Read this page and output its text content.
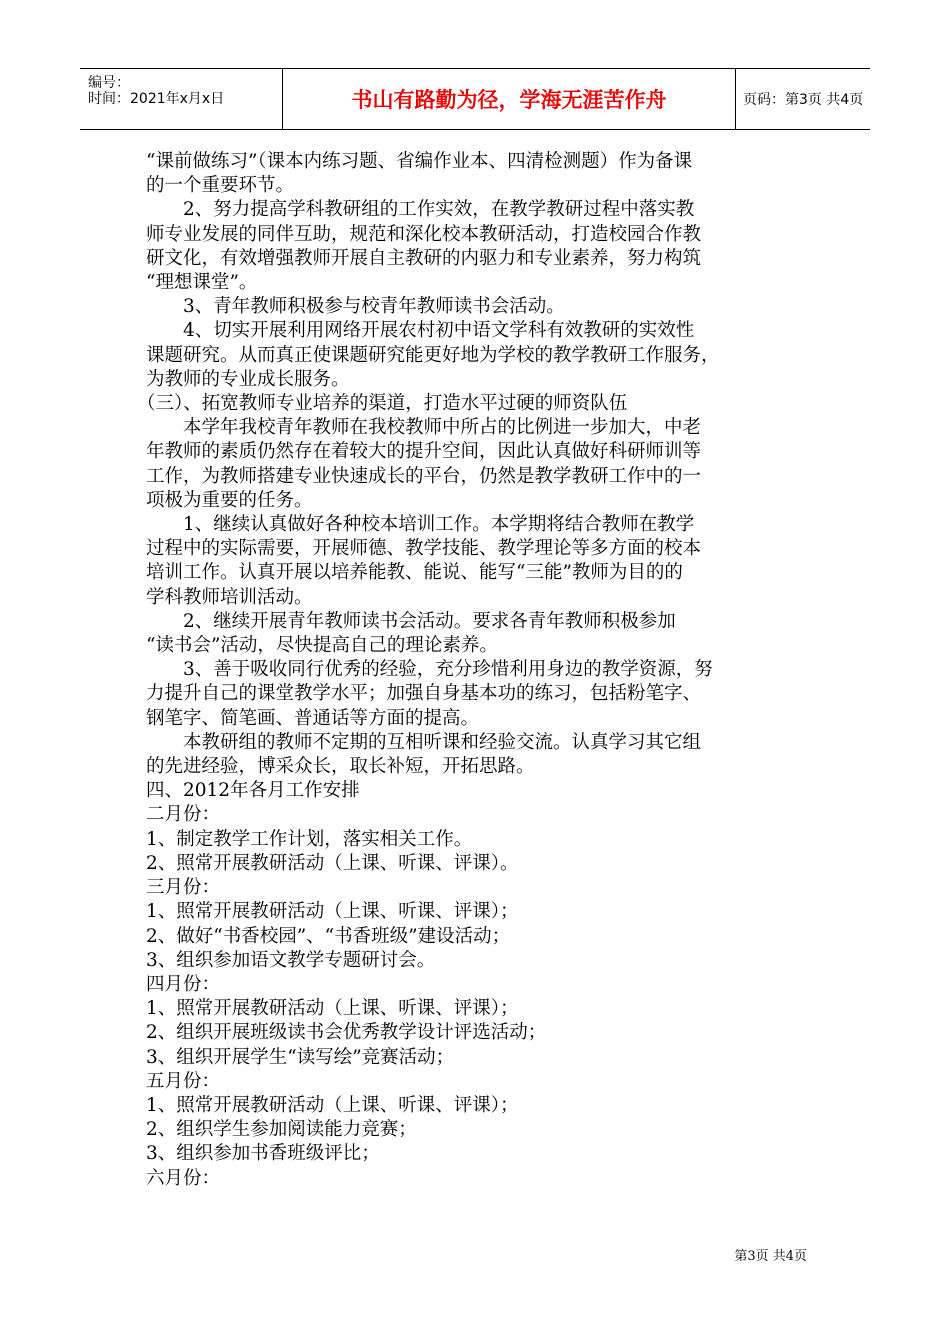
编号：
时间：2021年x月x日	书山有路勤为径，学海无涯苦作舟	页码：第3页 共4页

“课前做练习”（课本内练习题、省编作业本、四清检测题）作为备课

的一个重要环节。

2、努力提高学科教研组的工作实效，在教学教研过程中落实教

师专业发展的同伴互助，规范和深化校本教研活动，打造校园合作教

研文化，有效增强教师开展自主教研的内驱力和专业素养，努力构筑

“理想课堂”。

3、青年教师积极参与校青年教师读书会活动。

4、切实开展利用网络开展农村初中语文学科有效教研的实效性

课题研究。从而真正使课题研究能更好地为学校的教学教研工作服务，

为教师的专业成长服务。

（三）、拓宽教师专业培养的渠道，打造水平过硬的师资队伍

本学年我校青年教师在我校教师中所占的比例进一步加大，中老

年教师的素质仍然存在着较大的提升空间，因此认真做好科研师训等

工作，为教师搭建专业快速成长的平台，仍然是教学教研工作中的一

项极为重要的任务。

1、继续认真做好各种校本培训工作。本学期将结合教师在教学

过程中的实际需要，开展师德、教学技能、教学理论等多方面的校本

培训工作。认真开展以培养能教、能说、能写“三能”教师为目的的

学科教师培训活动。

2、继续开展青年教师读书会活动。要求各青年教师积极参加

“读书会”活动，尽快提高自己的理论素养。

3、善于吸收同行优秀的经验，充分珍惜利用身边的教学资源，努

力提升自己的课堂教学水平；加强自身基本功的练习，包括粉笔字、

钢笔字、简笔画、普通话等方面的提高。

本教研组的教师不定期的互相听课和经验交流。认真学习其它组

的先进经验，博采众长，取长补短，开拓思路。

四、2012年各月工作安排

二月份：

1、制定教学工作计划，落实相关工作。

2、照常开展教研活动（上课、听课、评课）。

三月份：

1、照常开展教研活动（上课、听课、评课）；

2、做好“书香校园”、“书香班级”建设活动；

3、组织参加语文教学专题研讨会。

四月份：

1、照常开展教研活动（上课、听课、评课）；

2、组织开展班级读书会优秀教学设计评选活动；

3、组织开展学生“读写绘”竞赛活动；

五月份：

1、照常开展教研活动（上课、听课、评课）；

2、组织学生参加阅读能力竞赛；

3、组织参加书香班级评比；

六月份：

第3页 共4页
